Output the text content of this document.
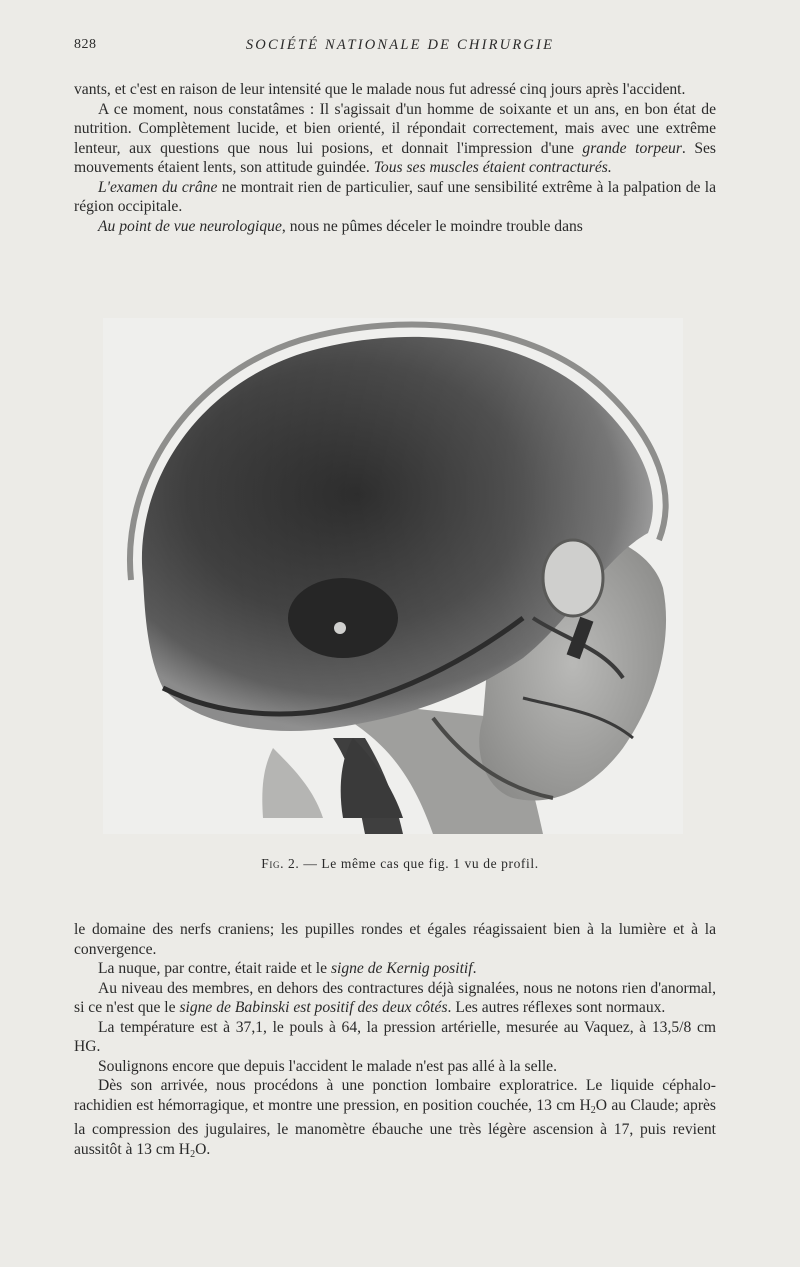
828	SOCIÉTÉ NATIONALE DE CHIRURGIE

vants, et c'est en raison de leur intensité que le malade nous fut adressé cinq jours après l'accident.

A ce moment, nous constatâmes : Il s'agissait d'un homme de soixante et un ans, en bon état de nutrition. Complètement lucide, et bien orienté, il répondait correctement, mais avec une extrême lenteur, aux questions que nous lui posions, et donnait l'impression d'une grande torpeur. Ses mouvements étaient lents, son attitude guindée. Tous ses muscles étaient contracturés.

L'examen du crâne ne montrait rien de particulier, sauf une sensibilité extrême à la palpation de la région occipitale.

Au point de vue neurologique, nous ne pûmes déceler le moindre trouble dans

Fig. 2. — Le même cas que fig. 1 vu de profil.

le domaine des nerfs craniens; les pupilles rondes et égales réagissaient bien à la lumière et à la convergence.

La nuque, par contre, était raide et le signe de Kernig positif.

Au niveau des membres, en dehors des contractures déjà signalées, nous ne notons rien d'anormal, si ce n'est que le signe de Babinski est positif des deux côtés. Les autres réflexes sont normaux.

La température est à 37,1, le pouls à 64, la pression artérielle, mesurée au Vaquez, à 13,5/8 cm HG.

Soulignons encore que depuis l'accident le malade n'est pas allé à la selle.

Dès son arrivée, nous procédons à une ponction lombaire exploratrice. Le liquide céphalo-rachidien est hémorragique, et montre une pression, en position couchée, 13 cm $H_2O$ au Claude; après la compression des jugulaires, le manomètre ébauche une très légère ascension à 17, puis revient aussitôt à 13 cm $H_2O$.
